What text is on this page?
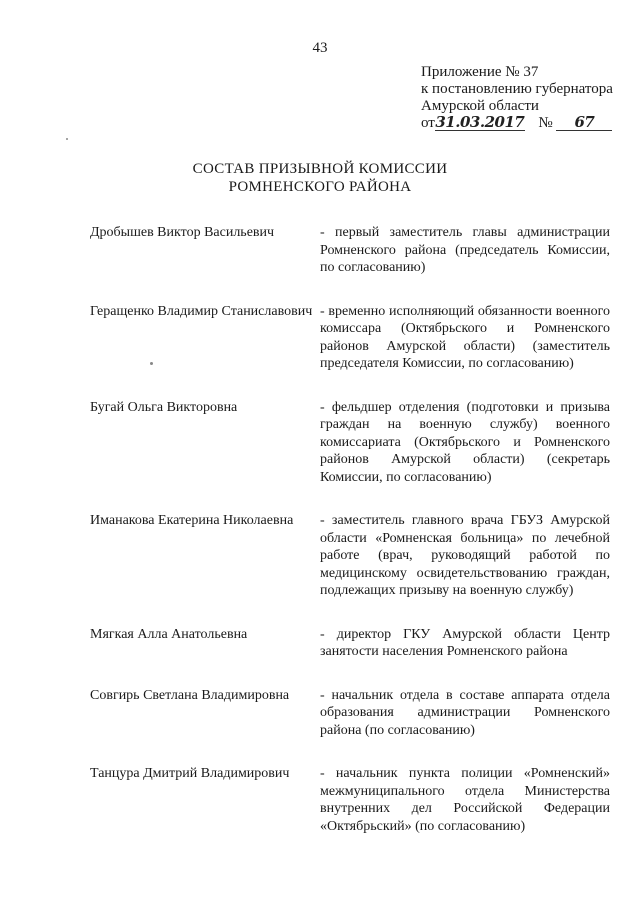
43
Приложение № 37
к постановлению губернатора
Амурской области
от31.03.2017 № 67
СОСТАВ ПРИЗЫВНОЙ КОМИССИИ
РОМНЕНСКОГО РАЙОНА
Дробышев Виктор Васильевич	- первый заместитель главы администрации Ромненского района (председатель Комиссии, по согласованию)
Геращенко Владимир Станиславович - временно исполняющий обязанности военного комиссара (Октябрьского и Ромненского районов Амурской области) (заместитель председателя Комиссии, по согласованию)
Бугай Ольга Викторовна	- фельдшер отделения (подготовки и призыва граждан на военную службу) военного комиссариата (Октябрьского и Ромненского районов Амурской области) (секретарь Комиссии, по согласованию)
Иманакова Екатерина Николаевна	- заместитель главного врача ГБУЗ Амурской области «Ромненская больница» по лечебной работе (врач, руководящий работой по медицинскому освидетельствованию граждан, подлежащих призыву на военную службу)
Мягкая Алла Анатольевна	- директор ГКУ Амурской области Центр занятости населения Ромненского района
Совгирь Светлана Владимировна	- начальник отдела в составе аппарата отдела образования администрации Ромненского района (по согласованию)
Танцура Дмитрий Владимирович	- начальник пункта полиции «Ромненский» межмуниципального отдела Министерства внутренних дел Российской Федерации «Октябрьский» (по согласованию)
